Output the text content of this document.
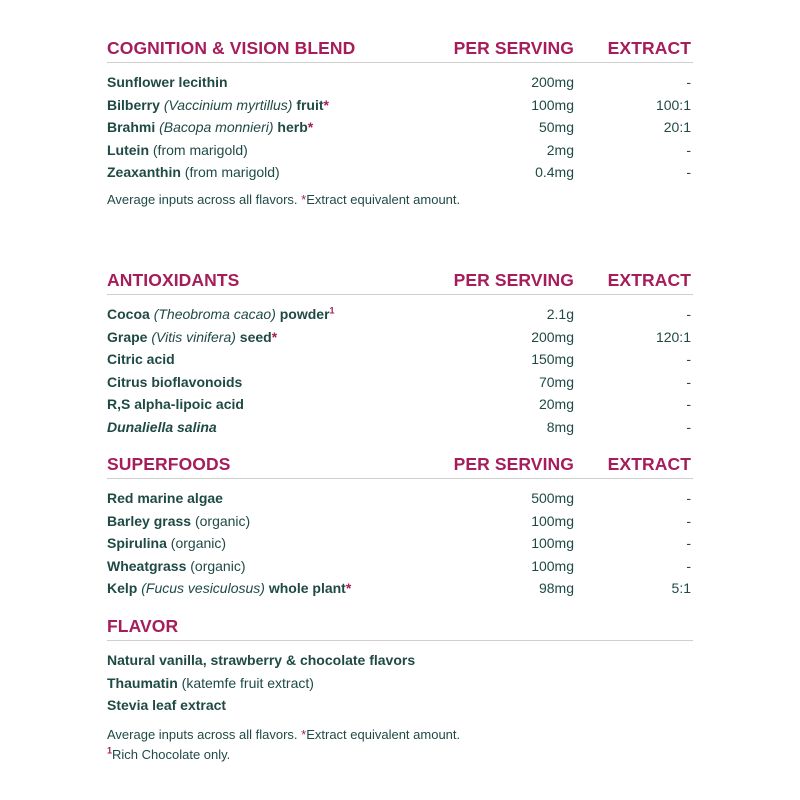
COGNITION & VISION BLEND	PER SERVING EXTRACT
Sunflower lecithin	200mg	-
Bilberry (Vaccinium myrtillus) fruit*	100mg	100:1
Brahmi (Bacopa monnieri) herb*	50mg	20:1
Lutein (from marigold)	2mg	-
Zeaxanthin (from marigold)	0.4mg	-
Average inputs across all flavors. *Extract equivalent amount.
ANTIOXIDANTS	PER SERVING EXTRACT
Cocoa (Theobroma cacao) powder$^1$	2.1g	-
Grape (Vitis vinifera) seed*	200mg	120:1
Citric acid	150mg	-
Citrus bioflavonoids	70mg	-
R,S alpha-lipoic acid	20mg	-
Dunaliella salina	8mg	-
SUPERFOODS	PER SERVING EXTRACT
Red marine algae	500mg	-
Barley grass (organic)	100mg	-
Spirulina (organic)	100mg	-
Wheatgrass (organic)	100mg	-
Kelp (Fucus vesiculosus) whole plant*	98mg	5:1
FLAVOR
Natural vanilla, strawberry & chocolate flavors
Thaumatin (katemfe fruit extract)
Stevia leaf extract
Average inputs across all flavors. *Extract equivalent amount.
$^1$Rich Chocolate only.
